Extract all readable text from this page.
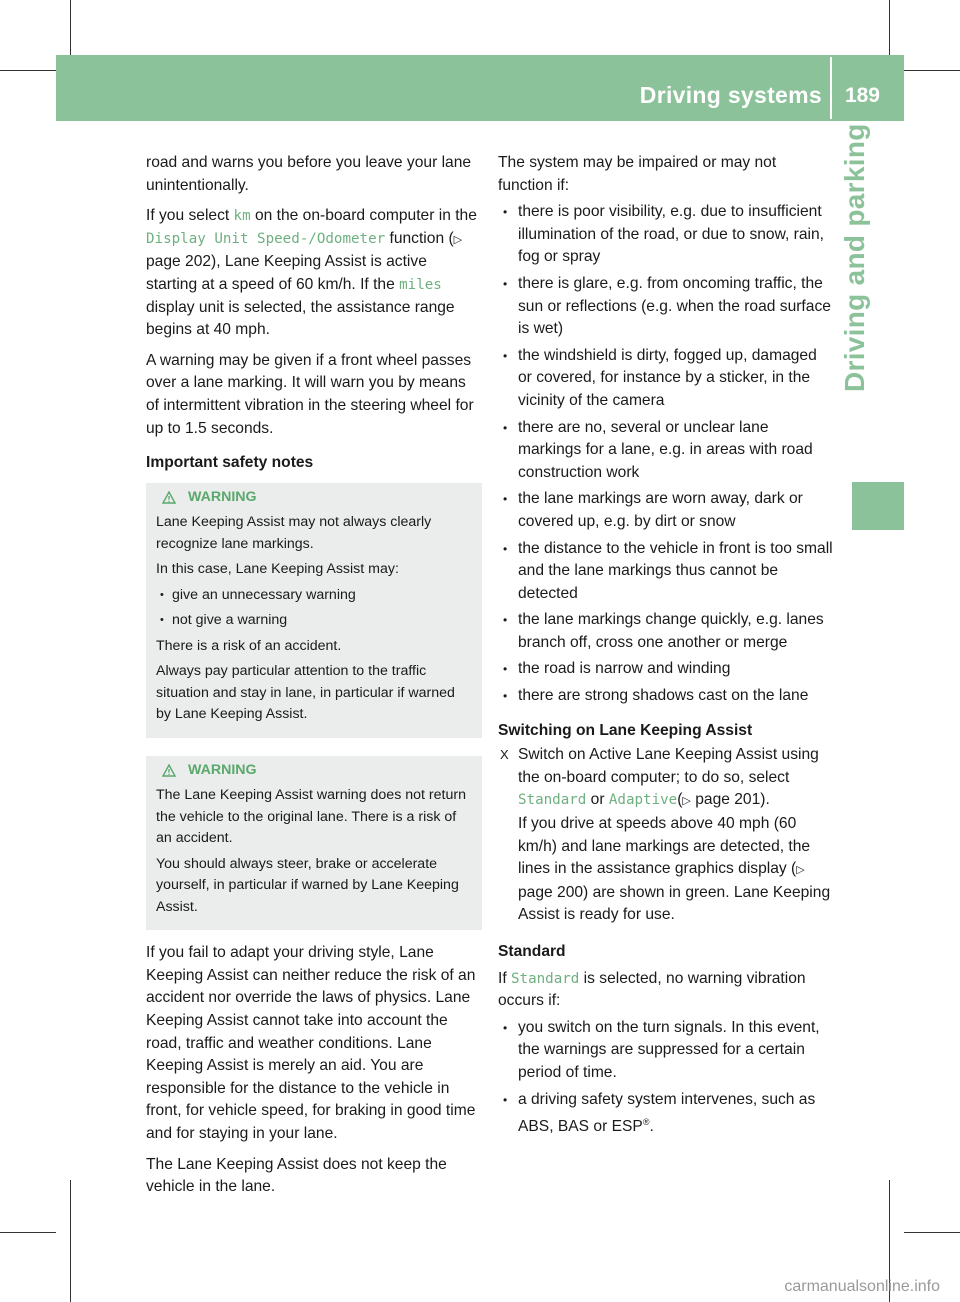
Driving systems 189
Driving and parking

road and warns you before you leave your lane unintentionally.

If you select km on the on-board computer in the Display Unit Speed-/Odometer function (▷ page 202), Lane Keeping Assist is active starting at a speed of 60 km/h. If the miles display unit is selected, the assistance range begins at 40 mph.

A warning may be given if a front wheel passes over a lane marking. It will warn you by means of intermittent vibration in the steering wheel for up to 1.5 seconds.

Important safety notes

WARNING

Lane Keeping Assist may not always clearly recognize lane markings.

In this case, Lane Keeping Assist may:

• give an unnecessary warning
• not give a warning

There is a risk of an accident.

Always pay particular attention to the traffic situation and stay in lane, in particular if warned by Lane Keeping Assist.

WARNING

The Lane Keeping Assist warning does not return the vehicle to the original lane. There is a risk of an accident.

You should always steer, brake or accelerate yourself, in particular if warned by Lane Keeping Assist.

If you fail to adapt your driving style, Lane Keeping Assist can neither reduce the risk of an accident nor override the laws of physics. Lane Keeping Assist cannot take into account the road, traffic and weather conditions. Lane Keeping Assist is merely an aid. You are responsible for the distance to the vehicle in front, for vehicle speed, for braking in good time and for staying in your lane.

The Lane Keeping Assist does not keep the vehicle in the lane.

The system may be impaired or may not function if:

• there is poor visibility, e.g. due to insufficient illumination of the road, or due to snow, rain, fog or spray
• there is glare, e.g. from oncoming traffic, the sun or reflections (e.g. when the road surface is wet)
• the windshield is dirty, fogged up, damaged or covered, for instance by a sticker, in the vicinity of the camera
• there are no, several or unclear lane markings for a lane, e.g. in areas with road construction work
• the lane markings are worn away, dark or covered up, e.g. by dirt or snow
• the distance to the vehicle in front is too small and the lane markings thus cannot be detected
• the lane markings change quickly, e.g. lanes branch off, cross one another or merge
• the road is narrow and winding
• there are strong shadows cast on the lane

Switching on Lane Keeping Assist

X Switch on Active Lane Keeping Assist using the on-board computer; to do so, select Standard or Adaptive(▷ page 201).
If you drive at speeds above 40 mph (60 km/h) and lane markings are detected, the lines in the assistance graphics display (▷ page 200) are shown in green. Lane Keeping Assist is ready for use.

Standard

If Standard is selected, no warning vibration occurs if:

• you switch on the turn signals. In this event, the warnings are suppressed for a certain period of time.
• a driving safety system intervenes, such as ABS, BAS or ESP®.
carmanualsonline.info
